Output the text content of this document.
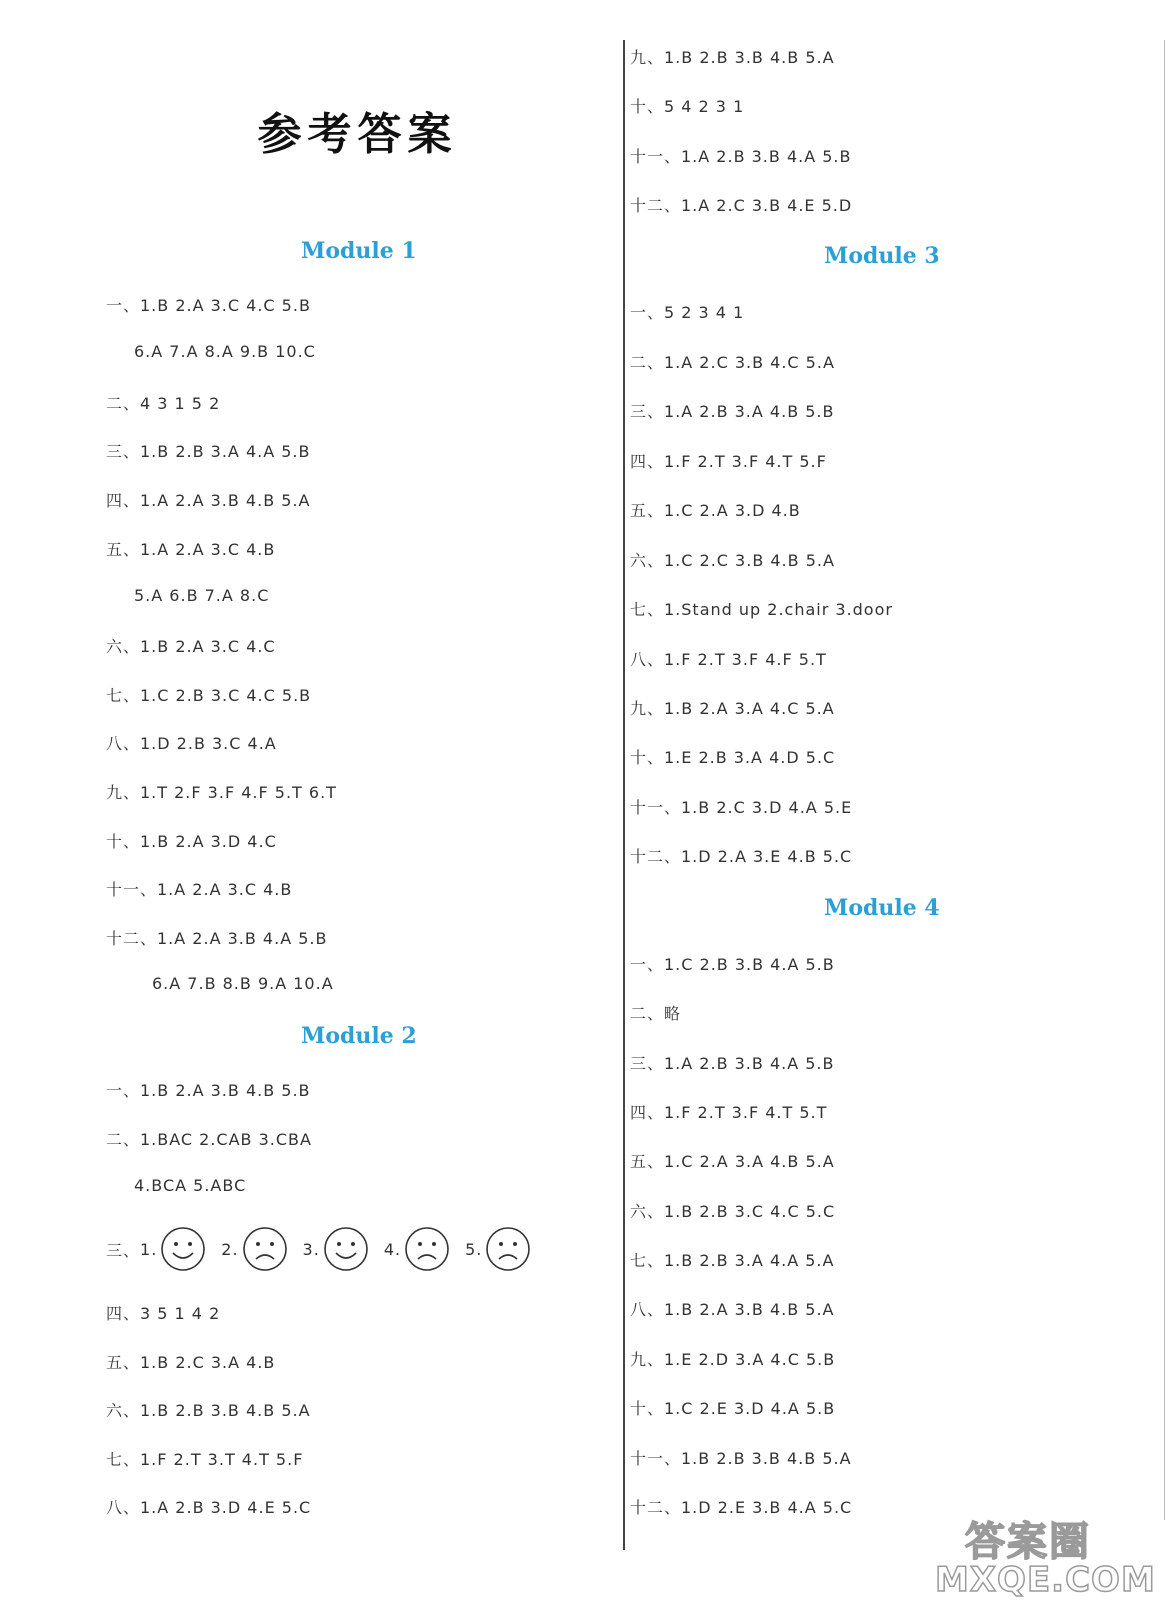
参考答案
Module 1
一、1.B 2.A 3.C 4.C 5.B
6.A 7.A 8.A 9.B 10.C
二、4 3 1 5 2
三、1.B 2.B 3.A 4.A 5.B
四、1.A 2.A 3.B 4.B 5.A
五、1.A 2.A 3.C 4.B
5.A 6.B 7.A 8.C
六、1.B 2.A 3.C 4.C
七、1.C 2.B 3.C 4.C 5.B
八、1.D 2.B 3.C 4.A
九、1.T 2.F 3.F 4.F 5.T 6.T
十、1.B 2.A 3.D 4.C
十一、1.A 2.A 3.C 4.B
十二、1.A 2.A 3.B 4.A 5.B
6.A 7.B 8.B 9.A 10.A
Module 2
一、1.B 2.A 3.B 4.B 5.B
二、1.BAC 2.CAB 3.CBA
4.BCA 5.ABC
三、 1.	2.	3.	4.	5.
四、3 5 1 4 2
五、1.B 2.C 3.A 4.B
六、1.B 2.B 3.B 4.B 5.A
七、1.F 2.T 3.T 4.T 5.F
八、1.A 2.B 3.D 4.E 5.C
九、1.B 2.B 3.B 4.B 5.A
十、5 4 2 3 1
十一、1.A 2.B 3.B 4.A 5.B
十二、1.A 2.C 3.B 4.E 5.D
Module 3
一、5 2 3 4 1
二、1.A 2.C 3.B 4.C 5.A
三、1.A 2.B 3.A 4.B 5.B
四、1.F 2.T 3.F 4.T 5.F
五、1.C 2.A 3.D 4.B
六、1.C 2.C 3.B 4.B 5.A
七、1.Stand up 2.chair 3.door
八、1.F 2.T 3.F 4.F 5.T
九、1.B 2.A 3.A 4.C 5.A
十、1.E 2.B 3.A 4.D 5.C
十一、1.B 2.C 3.D 4.A 5.E
十二、1.D 2.A 3.E 4.B 5.C
Module 4
一、1.C 2.B 3.B 4.A 5.B
二、略
三、1.A 2.B 3.B 4.A 5.B
四、1.F 2.T 3.F 4.T 5.T
五、1.C 2.A 3.A 4.B 5.A
六、1.B 2.B 3.C 4.C 5.C
七、1.B 2.B 3.A 4.A 5.A
八、1.B 2.A 3.B 4.B 5.A
九、1.E 2.D 3.A 4.C 5.B
十、1.C 2.E 3.D 4.A 5.B
十一、1.B 2.B 3.B 4.B 5.A
十二、1.D 2.E 3.B 4.A 5.C
答案圈
MXQE.COM
